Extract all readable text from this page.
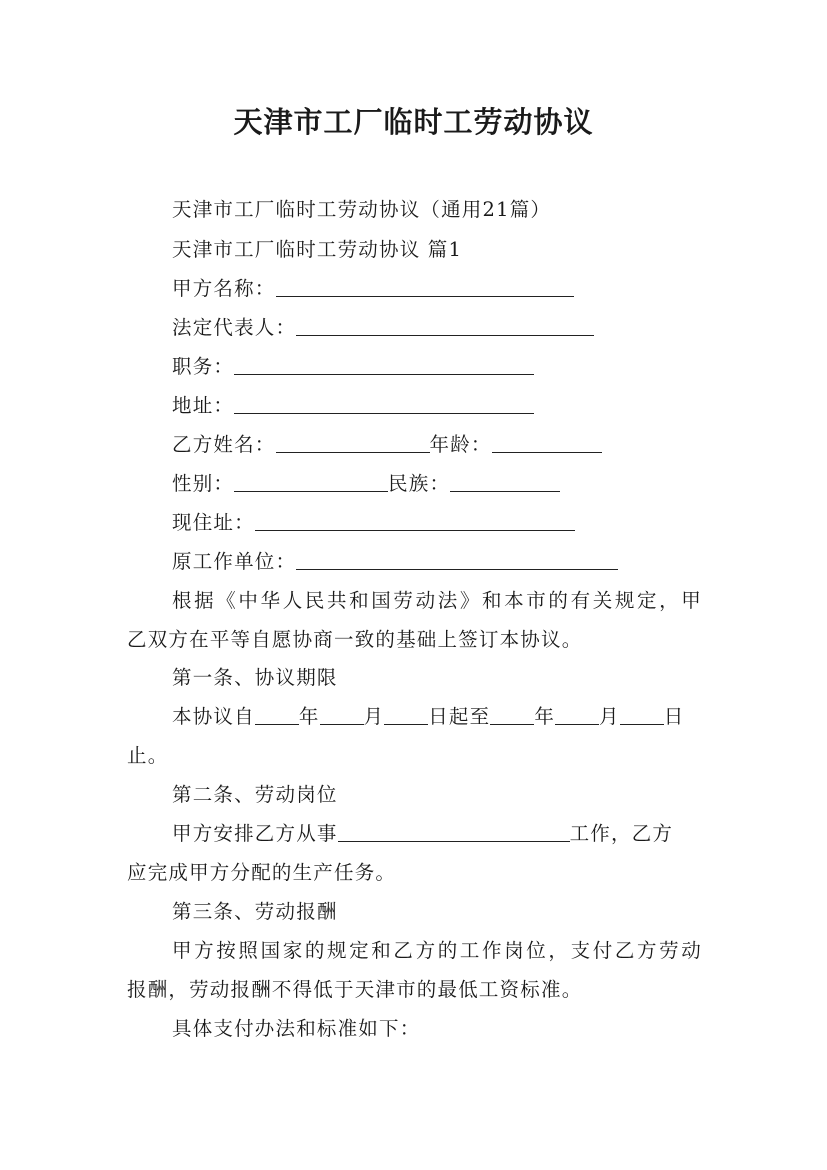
天津市工厂临时工劳动协议
天津市工厂临时工劳动协议（通用21篇）
天津市工厂临时工劳动协议 篇1
甲方名称：
法定代表人：
职务：
地址：
乙方姓名：	年龄：
性别：	民族：
现住址：
原工作单位：
根据《中华人民共和国劳动法》和本市的有关规定，甲
乙双方在平等自愿协商一致的基础上签订本协议。
第一条、协议期限
本协议自 年 月 日起至 年 月 日
止。
第二条、劳动岗位
甲方安排乙方从事	工作，乙方
应完成甲方分配的生产任务。
第三条、劳动报酬
甲方按照国家的规定和乙方的工作岗位，支付乙方劳动
报酬，劳动报酬不得低于天津市的最低工资标准。
具体支付办法和标准如下：
